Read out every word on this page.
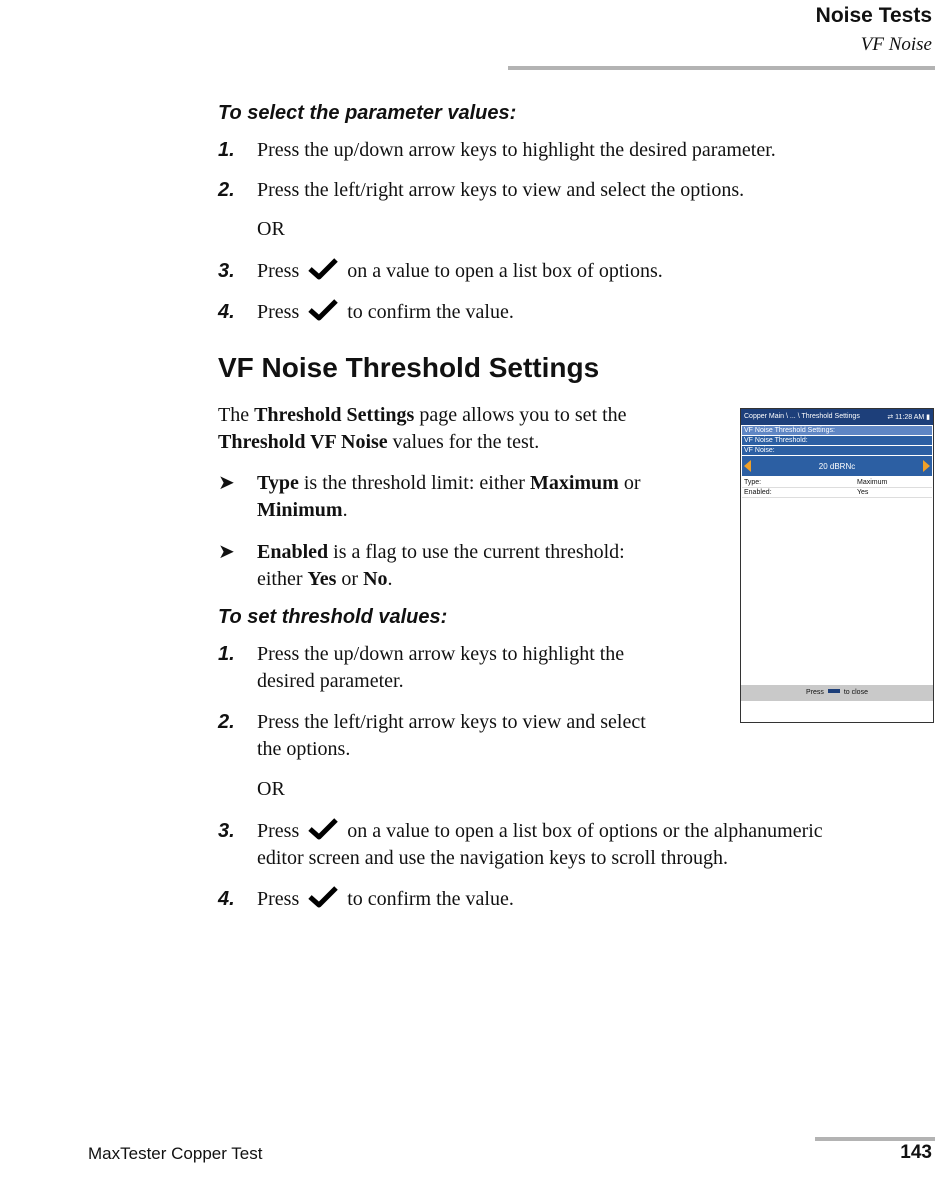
Noise Tests
VF Noise
To select the parameter values:
1. Press the up/down arrow keys to highlight the desired parameter.
2. Press the left/right arrow keys to view and select the options.
OR
3. Press on a value to open a list box of options.
4. Press to confirm the value.
VF Noise Threshold Settings
The Threshold Settings page allows you to set the
Threshold VF Noise values for the test.
➤ Type is the threshold limit: either Maximum or
Minimum.
➤ Enabled is a flag to use the current threshold:
either Yes or No.
To set threshold values:
1. Press the up/down arrow keys to highlight the
desired parameter.
2. Press the left/right arrow keys to view and select
the options.
OR
3. Press on a value to open a list box of options or the alphanumeric
editor screen and use the navigation keys to scroll through.
4. Press to confirm the value.
Copper Main \ ... \ Threshold Settings	⇄ 11:28 AM ▮
VF Noise Threshold Settings:
VF Noise Threshold:
VF Noise:
20 dBRNc
Type:	Maximum
Enabled:	Yes
Press	to close
MaxTester Copper Test	143
